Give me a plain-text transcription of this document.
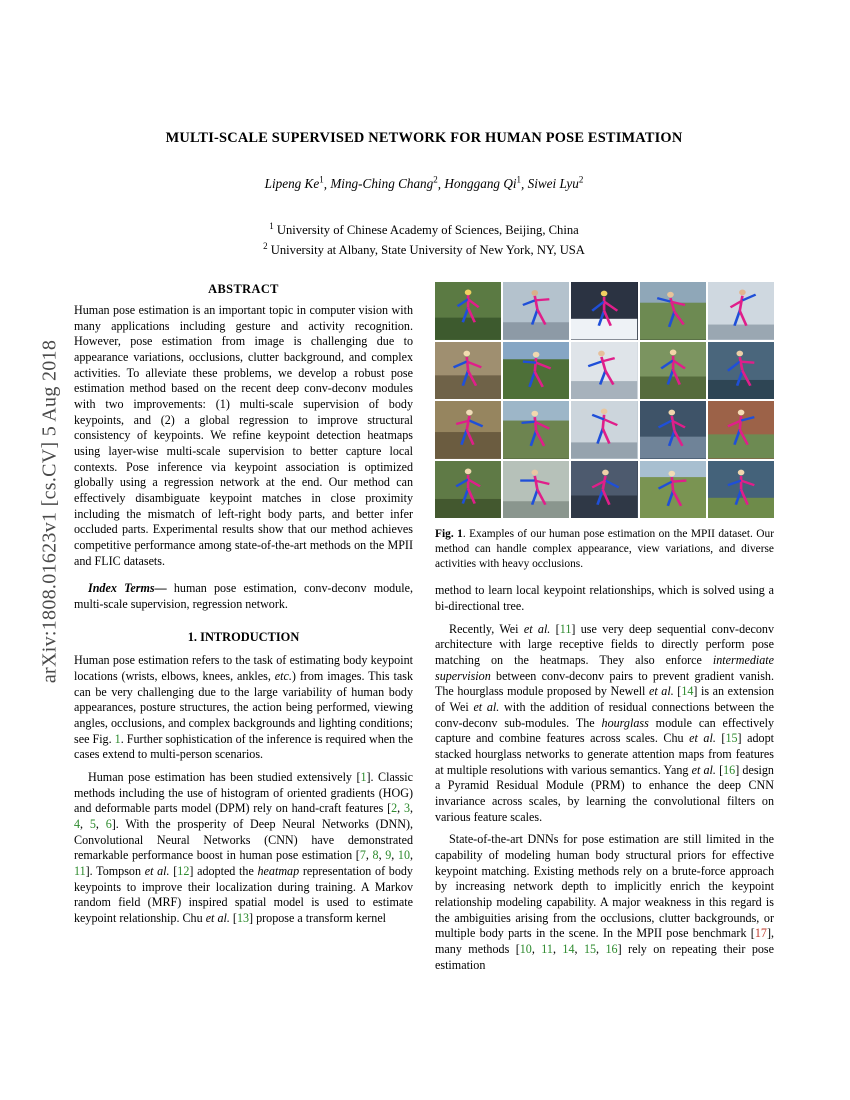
arXiv:1808.01623v1 [cs.CV] 5 Aug 2018
MULTI-SCALE SUPERVISED NETWORK FOR HUMAN POSE ESTIMATION
Lipeng Ke$^1$, Ming-Ching Chang$^2$, Honggang Qi$^1$, Siwei Lyu$^2$
$^1$ University of Chinese Academy of Sciences, Beijing, China
$^2$ University at Albany, State University of New York, NY, USA
ABSTRACT

Human pose estimation is an important topic in computer vision with many applications including gesture and activity recognition. However, pose estimation from image is challenging due to appearance variations, occlusions, clutter background, and complex activities. To alleviate these problems, we develop a robust pose estimation method based on the recent deep conv-deconv modules with two improvements: (1) multi-scale supervision of body keypoints, and (2) a global regression to improve structural consistency of keypoints. We refine keypoint detection heatmaps using layer-wise multi-scale supervision to better capture local contexts. Pose inference via keypoint association is optimized globally using a regression network at the end. Our method can effectively disambiguate keypoint matches in close proximity including the mismatch of left-right body parts, and better infer occluded parts. Experimental results show that our method achieves competitive performance among state-of-the-art methods on the MPII and FLIC datasets.

Index Terms— human pose estimation, conv-deconv module, multi-scale supervision, regression network.

1. INTRODUCTION

Human pose estimation refers to the task of estimating body keypoint locations (wrists, elbows, knees, ankles, etc.) from images. This task can be very challenging due to the large variability of human body appearances, posture structures, the action being performed, viewing angles, occlusions, and complex backgrounds and lighting conditions; see Fig. 1. Further sophistication of the inference is required when the cases extend to multi-person scenarios.

Human pose estimation has been studied extensively [1]. Classic methods including the use of histogram of oriented gradients (HOG) and deformable parts model (DPM) rely on hand-craft features [2, 3, 4, 5, 6]. With the prosperity of Deep Neural Networks (DNN), Convolutional Neural Networks (CNN) have demonstrated remarkable performance boost in human pose estimation [7, 8, 9, 10, 11]. Tompson et al. [12] adopted the heatmap representation of body keypoints to improve their localization during training. A Markov random field (MRF) inspired spatial model is used to estimate keypoint relationship. Chu et al. [13] propose a transform kernel

Fig. 1. Examples of our human pose estimation on the MPII dataset. Our method can handle complex appearance, view variations, and diverse activities with heavy occlusions.

method to learn local keypoint relationships, which is solved using a bi-directional tree.

Recently, Wei et al. [11] use very deep sequential conv-deconv architecture with large receptive fields to directly perform pose matching on the heatmaps. They also enforce intermediate supervision between conv-deconv pairs to prevent gradient vanish. The hourglass module proposed by Newell et al. [14] is an extension of Wei et al. with the addition of residual connections between the conv-deconv sub-modules. The hourglass module can effectively capture and combine features across scales. Chu et al. [15] adopt stacked hourglass networks to generate attention maps from features at multiple resolutions with various semantics. Yang et al. [16] design a Pyramid Residual Module (PRM) to enhance the deep CNN invariance across scales, by learning the convolutional filters on various feature scales.

State-of-the-art DNNs for pose estimation are still limited in the capability of modeling human body structural priors for effective keypoint matching. Existing methods rely on a brute-force approach by increasing network depth to implicitly enrich the keypoint relationship modeling capability. A major weakness in this regard is the ambiguities arising from the occlusions, clutter backgrounds, or multiple body parts in the scene. In the MPII pose benchmark [17], many methods [10, 11, 14, 15, 16] rely on repeating their pose estimation
